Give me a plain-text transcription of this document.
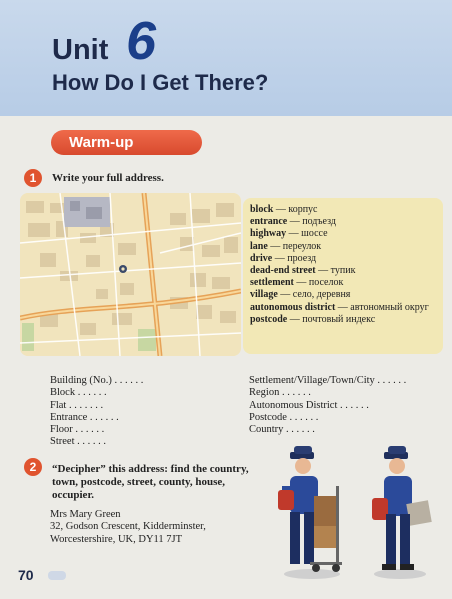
Unit 6
How Do I Get There?
Warm-up
1	Write your full address.
block — корпус
entrance — подъезд
highway — шоссе
lane — переулок
drive — проезд
dead-end street — тупик
settlement — поселок
village — село, деревня
autonomous district — автономный округ
postcode — почтовый индекс
Building (No.) . . . . . .
Block . . . . . .
Flat . . . . . . .
Entrance . . . . . .
Floor . . . . . .
Street . . . . . .
Settlement/Village/Town/City . . . . . .
Region . . . . . .
Autonomous District . . . . . .
Postcode . . . . . .
Country . . . . . .
2	“Decipher” this address: find the country, town, postcode, street, county, house, occupier.
Mrs Mary Green
32, Godson Crescent, Kidderminster,
Worcestershire, UK, DY11 7JT
70
